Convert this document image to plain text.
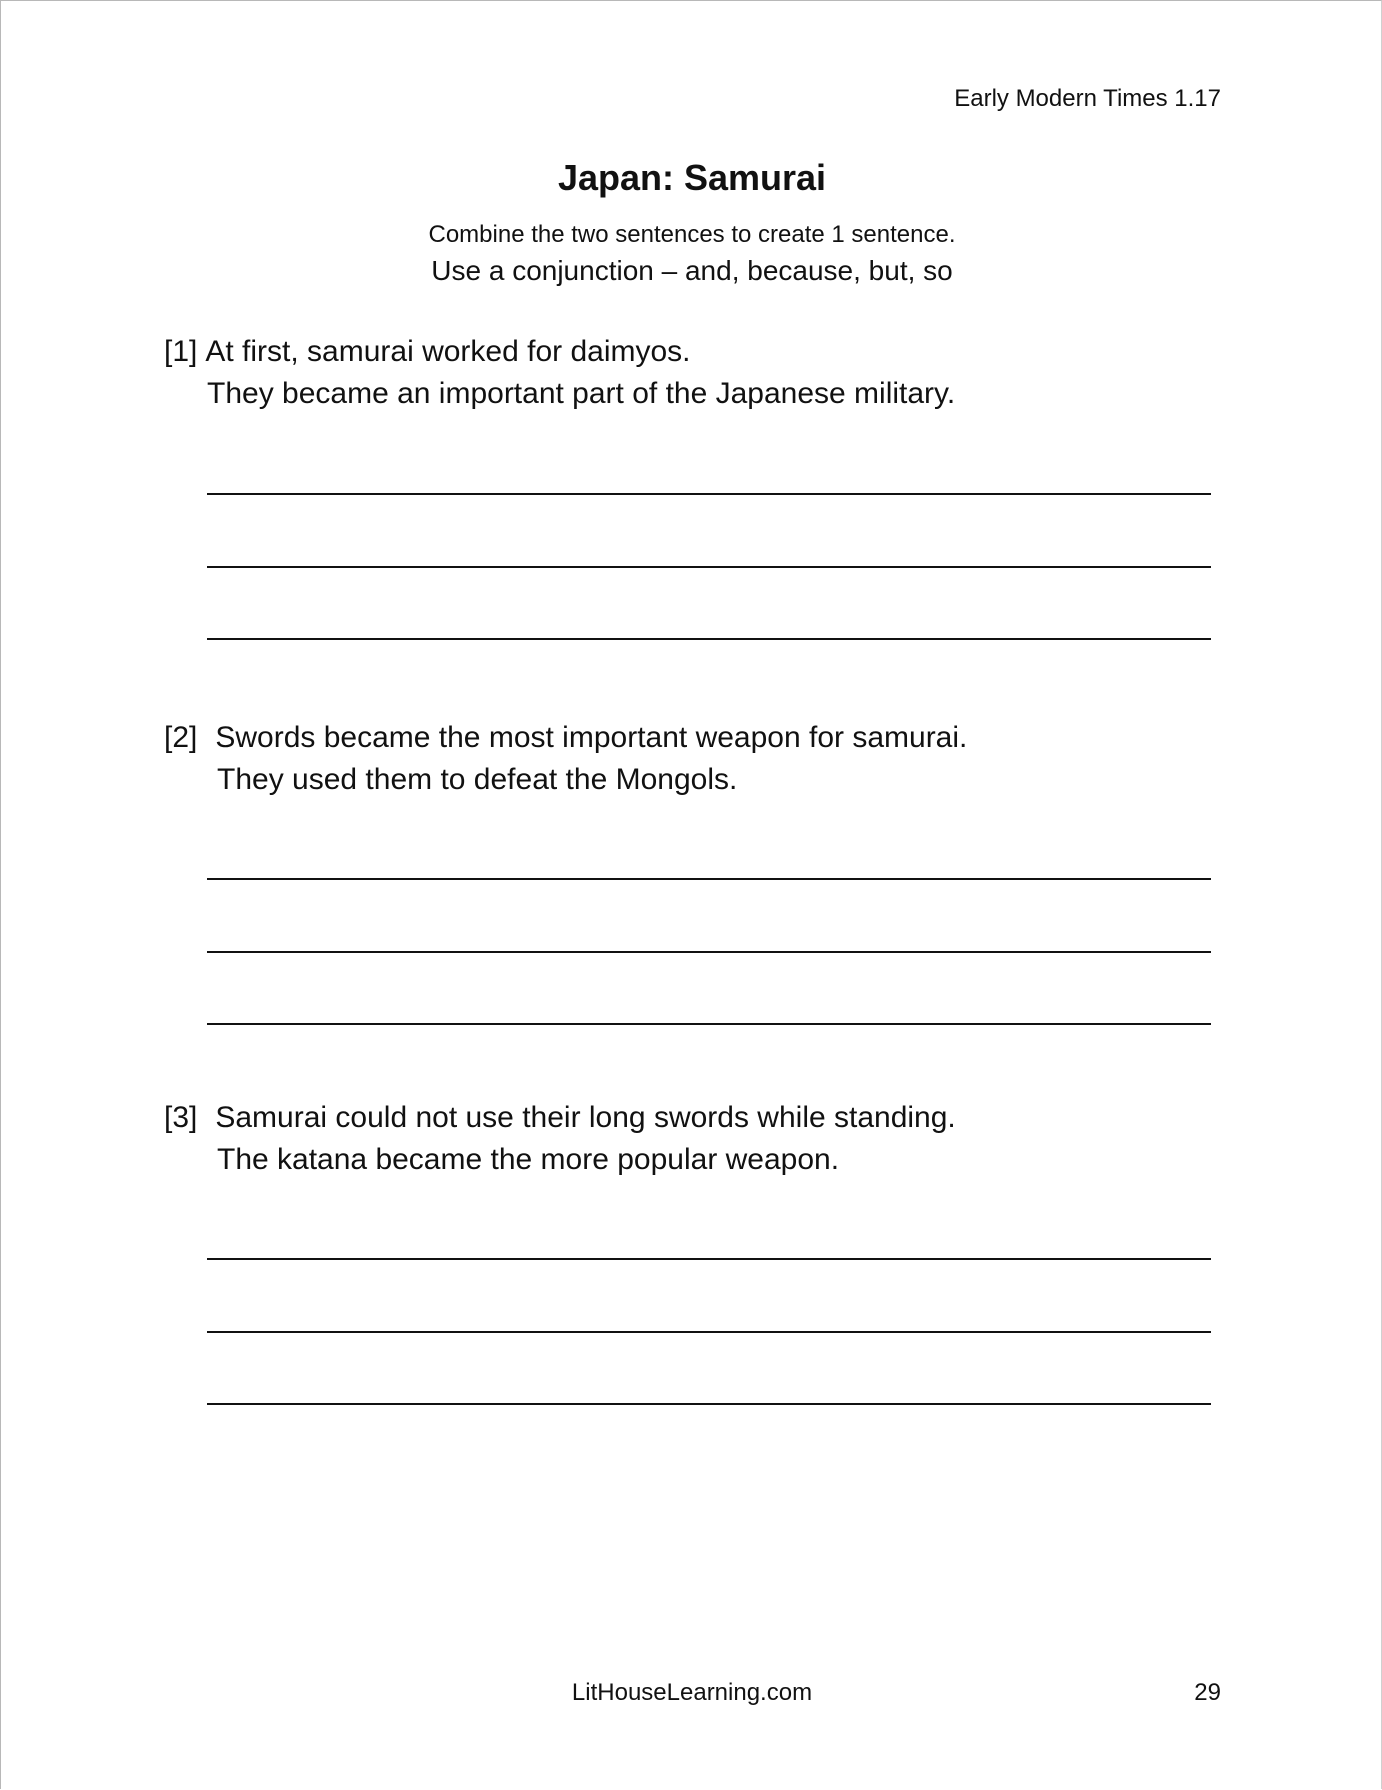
Early Modern Times 1.17
Japan: Samurai
Combine the two sentences to create 1 sentence.
Use a conjunction – and, because, but, so
[1] At first, samurai worked for daimyos.
They became an important part of the Japanese military.
[2] Swords became the most important weapon for samurai.
They used them to defeat the Mongols.
[3] Samurai could not use their long swords while standing.
The katana became the more popular weapon.
LitHouseLearning.com	29
